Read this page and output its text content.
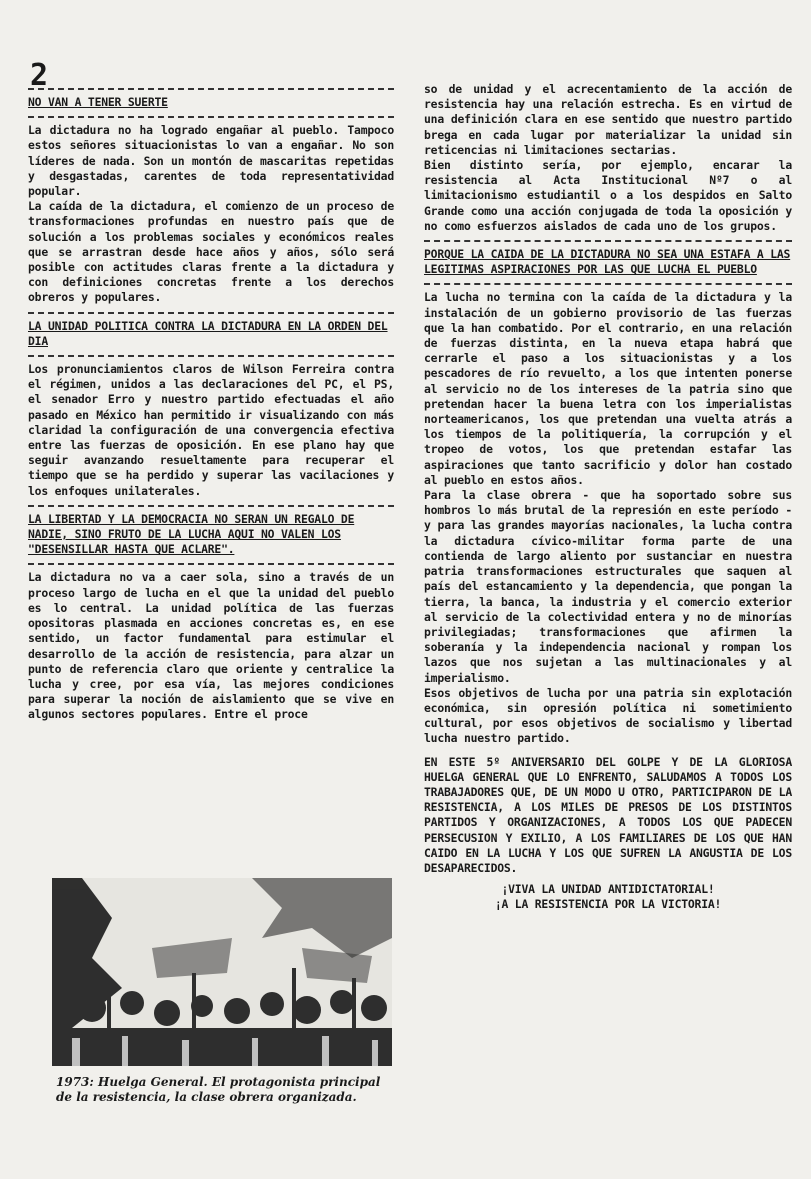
2
NO VAN A TENER SUERTE

La dictadura no ha logrado engañar al pueblo. Tampoco estos señores situacionistas lo van a engañar. No son líderes de nada. Son un montón de mascaritas repetidas y desgastadas, carentes de toda representatividad popular.

La caída de la dictadura, el comienzo de un proceso de transformaciones profundas en nuestro país que de solución a los problemas sociales y económicos reales que se arrastran desde hace años y años, sólo será posible con actitudes claras frente a la dictadura y con definiciones concretas frente a los derechos obreros y populares.

LA UNIDAD POLITICA CONTRA LA DICTADURA EN LA ORDEN DEL DIA

Los pronunciamientos claros de Wilson Ferreira contra el régimen, unidos a las declaraciones del PC, el PS, el senador Erro y nuestro partido efectuadas el año pasado en México han permitido ir visualizando con más claridad la configuración de una convergencia efectiva entre las fuerzas de oposición. En ese plano hay que seguir avanzando resueltamente para recuperar el tiempo que se ha perdido y superar las vacilaciones y los enfoques unilaterales.

LA LIBERTAD Y LA DEMOCRACIA NO SERAN UN REGALO DE NADIE, SINO FRUTO DE LA LUCHA AQUI NO VALEN LOS "DESENSILLAR HASTA QUE ACLARE".

La dictadura no va a caer sola, sino a través de un proceso largo de lucha en el que la unidad del pueblo es lo central. La unidad política de las fuerzas opositoras plasmada en acciones concretas es, en ese sentido, un factor fundamental para estimular el desarrollo de la acción de resistencia, para alzar un punto de referencia claro que oriente y centralice la lucha y cree, por esa vía, las mejores condiciones para superar la noción de aislamiento que se vive en algunos sectores populares. Entre el proce

1973: Huelga General. El protagonista principal de la resistencia, la clase obrera organizada.

so de unidad y el acrecentamiento de la acción de resistencia hay una relación estrecha. Es en virtud de una definición clara en ese sentido que nuestro partido brega en cada lugar por materializar la unidad sin reticencias ni limitaciones sectarias.

Bien distinto sería, por ejemplo, encarar la resistencia al Acta Institucional Nº7 o al limitacionismo estudiantil o a los despidos en Salto Grande como una acción conjugada de toda la oposición y no como esfuerzos aislados de cada uno de los grupos.

PORQUE LA CAIDA DE LA DICTADURA NO SEA UNA ESTAFA A LAS LEGITIMAS ASPIRACIONES POR LAS QUE LUCHA EL PUEBLO

La lucha no termina con la caída de la dictadura y la instalación de un gobierno provisorio de las fuerzas que la han combatido. Por el contrario, en una relación de fuerzas distinta, en la nueva etapa habrá que cerrarle el paso a los situacionistas y a los pescadores de río revuelto, a los que intenten ponerse al servicio no de los intereses de la patria sino que pretendan hacer la buena letra con los imperialistas norteamericanos, los que pretendan una vuelta atrás a los tiempos de la politiquería, la corrupción y el tropeo de votos, los que pretendan estafar las aspiraciones que tanto sacrificio y dolor han costado al pueblo en estos años.

Para la clase obrera - que ha soportado sobre sus hombros lo más brutal de la represión en este período - y para las grandes mayorías nacionales, la lucha contra la dictadura cívico-militar forma parte de una contienda de largo aliento por sustanciar en nuestra patria transformaciones estructurales que saquen al país del estancamiento y la dependencia, que pongan la tierra, la banca, la industria y el comercio exterior al servicio de la colectividad entera y no de minorías privilegiadas; transformaciones que afirmen la soberanía y la independencia nacional y rompan los lazos que nos sujetan a las multinacionales y al imperialismo.

Esos objetivos de lucha por una patria sin explotación económica, sin opresión política ni sometimiento cultural, por esos objetivos de socialismo y libertad lucha nuestro partido.

EN ESTE 5º ANIVERSARIO DEL GOLPE Y DE LA GLORIOSA HUELGA GENERAL QUE LO ENFRENTO, SALUDAMOS A TODOS LOS TRABAJADORES QUE, DE UN MODO U OTRO, PARTICIPARON DE LA RESISTENCIA, A LOS MILES DE PRESOS DE LOS DISTINTOS PARTIDOS Y ORGANIZACIONES, A TODOS LOS QUE PADECEN PERSECUSION Y EXILIO, A LOS FAMILIARES DE LOS QUE HAN CAIDO EN LA LUCHA Y LOS QUE SUFREN LA ANGUSTIA DE LOS DESAPARECIDOS.

¡VIVA LA UNIDAD ANTIDICTATORIAL!

¡A LA RESISTENCIA POR LA VICTORIA!
